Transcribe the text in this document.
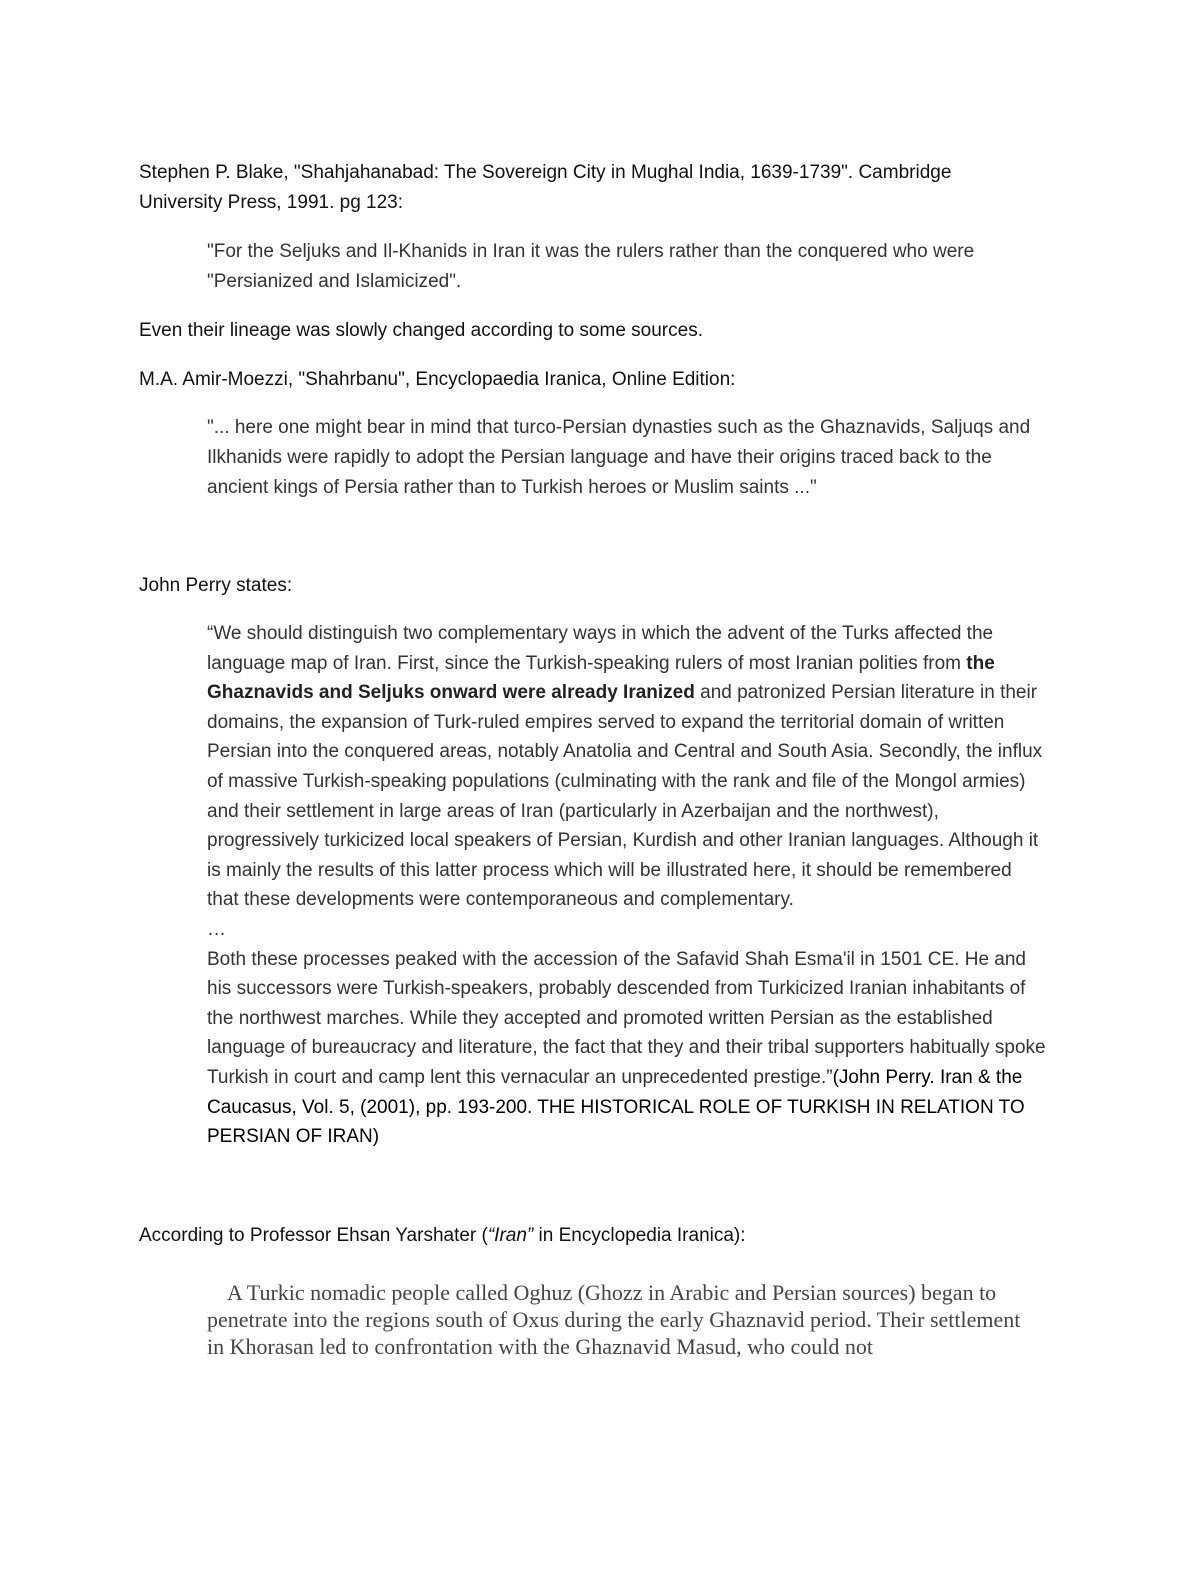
Stephen P. Blake, "Shahjahanabad: The Sovereign City in Mughal India, 1639-1739". Cambridge University Press, 1991. pg 123:

"For the Seljuks and Il-Khanids in Iran it was the rulers rather than the conquered who were "Persianized and Islamicized".

Even their lineage was slowly changed according to some sources.

M.A. Amir-Moezzi, "Shahrbanu", Encyclopaedia Iranica, Online Edition:

"... here one might bear in mind that turco-Persian dynasties such as the Ghaznavids, Saljuqs and Ilkhanids were rapidly to adopt the Persian language and have their origins traced back to the ancient kings of Persia rather than to Turkish heroes or Muslim saints ..."

John Perry states:

“We should distinguish two complementary ways in which the advent of the Turks affected the language map of Iran. First, since the Turkish-speaking rulers of most Iranian polities from the Ghaznavids and Seljuks onward were already Iranized and patronized Persian literature in their domains, the expansion of Turk-ruled empires served to expand the territorial domain of written Persian into the conquered areas, notably Anatolia and Central and South Asia. Secondly, the influx of massive Turkish-speaking populations (culminating with the rank and file of the Mongol armies) and their settlement in large areas of Iran (particularly in Azerbaijan and the northwest), progressively turkicized local speakers of Persian, Kurdish and other Iranian languages. Although it is mainly the results of this latter process which will be illustrated here, it should be remembered that these developments were contemporaneous and complementary.
…
Both these processes peaked with the accession of the Safavid Shah Esma'il in 1501 CE. He and his successors were Turkish-speakers, probably descended from Turkicized Iranian inhabitants of the northwest marches. While they accepted and promoted written Persian as the established language of bureaucracy and literature, the fact that they and their tribal supporters habitually spoke Turkish in court and camp lent this vernacular an unprecedented prestige.”(John Perry. Iran & the Caucasus, Vol. 5, (2001), pp. 193-200. THE HISTORICAL ROLE OF TURKISH IN RELATION TO PERSIAN OF IRAN)

According to Professor Ehsan Yarshater (“Iran” in Encyclopedia Iranica):

A Turkic nomadic people called Oghuz (Ghozz in Arabic and Persian sources) began to penetrate into the regions south of Oxus during the early Ghaznavid period. Their settlement in Khorasan led to confrontation with the Ghaznavid Masud, who could not
